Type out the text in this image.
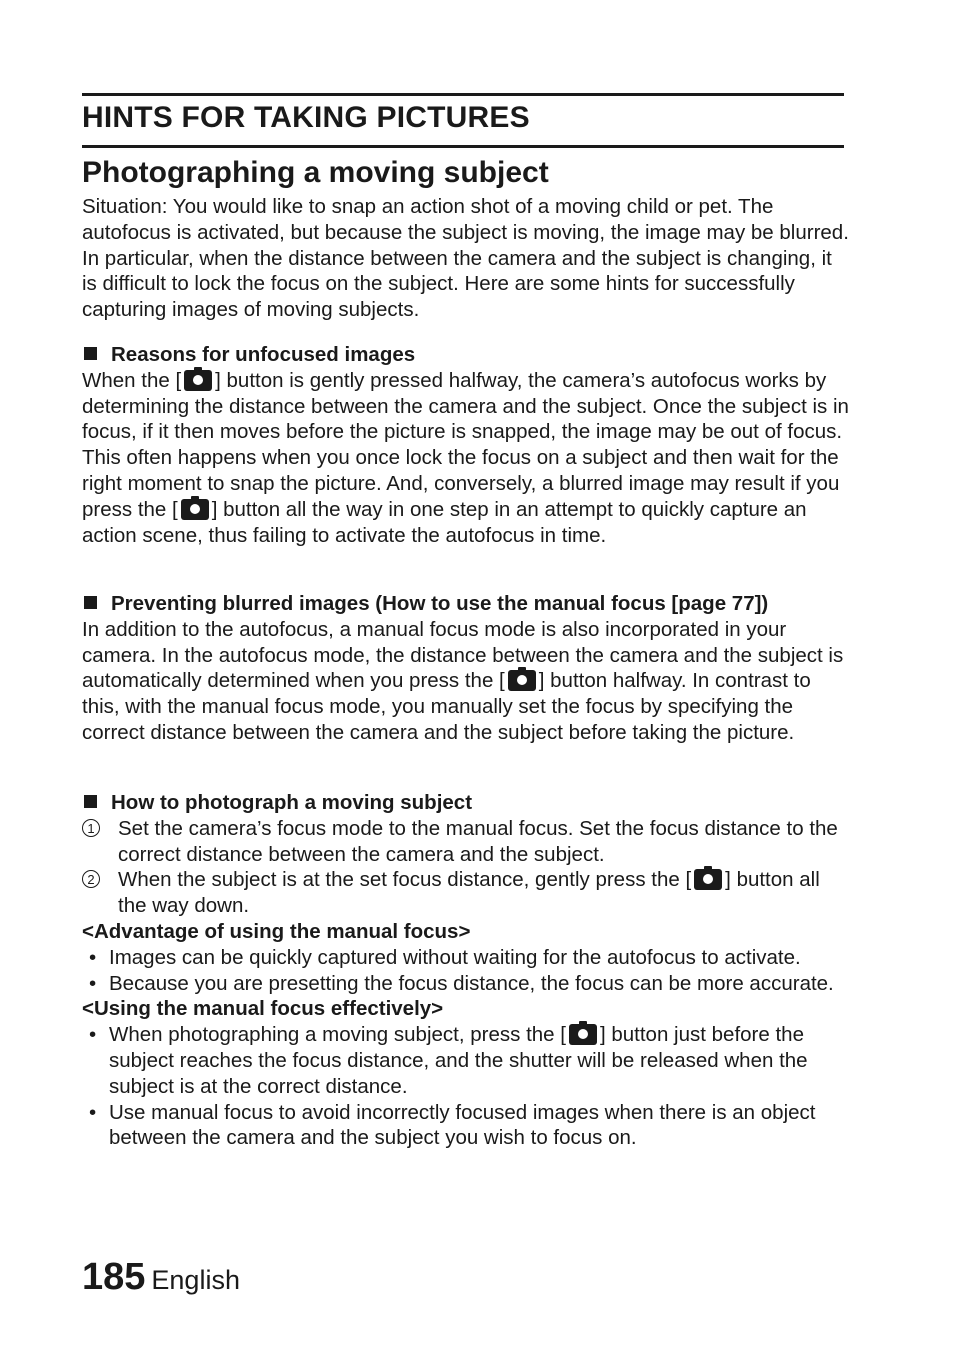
HINTS FOR TAKING PICTURES
Photographing a moving subject

Situation: You would like to snap an action shot of a moving child or pet. The autofocus is activated, but because the subject is moving, the image may be blurred. In particular, when the distance between the camera and the subject is changing, it is difficult to lock the focus on the subject. Here are some hints for successfully capturing images of moving subjects.

Reasons for unfocused images

When the [ ] button is gently pressed halfway, the camera’s autofocus works by determining the distance between the camera and the subject. Once the subject is in focus, if it then moves before the picture is snapped, the image may be out of focus. This often happens when you once lock the focus on a subject and then wait for the right moment to snap the picture. And, conversely, a blurred image may result if you press the [ ] button all the way in one step in an attempt to quickly capture an action scene, thus failing to activate the autofocus in time.

Preventing blurred images (How to use the manual focus [page 77])

In addition to the autofocus, a manual focus mode is also incorporated in your camera. In the autofocus mode, the distance between the camera and the subject is automatically determined when you press the [ ] button halfway. In contrast to this, with the manual focus mode, you manually set the focus by specifying the correct distance between the camera and the subject before taking the picture.

How to photograph a moving subject
1 Set the camera’s focus mode to the manual focus. Set the focus distance to the correct distance between the camera and the subject.
2 When the subject is at the set focus distance, gently press the [ ] button all the way down.
<Advantage of using the manual focus>
• Images can be quickly captured without waiting for the autofocus to activate.
• Because you are presetting the focus distance, the focus can be more accurate.
<Using the manual focus effectively>
• When photographing a moving subject, press the [ ] button just before the subject reaches the focus distance, and the shutter will be released when the subject is at the correct distance.
• Use manual focus to avoid incorrectly focused images when there is an object between the camera and the subject you wish to focus on.
185 English
